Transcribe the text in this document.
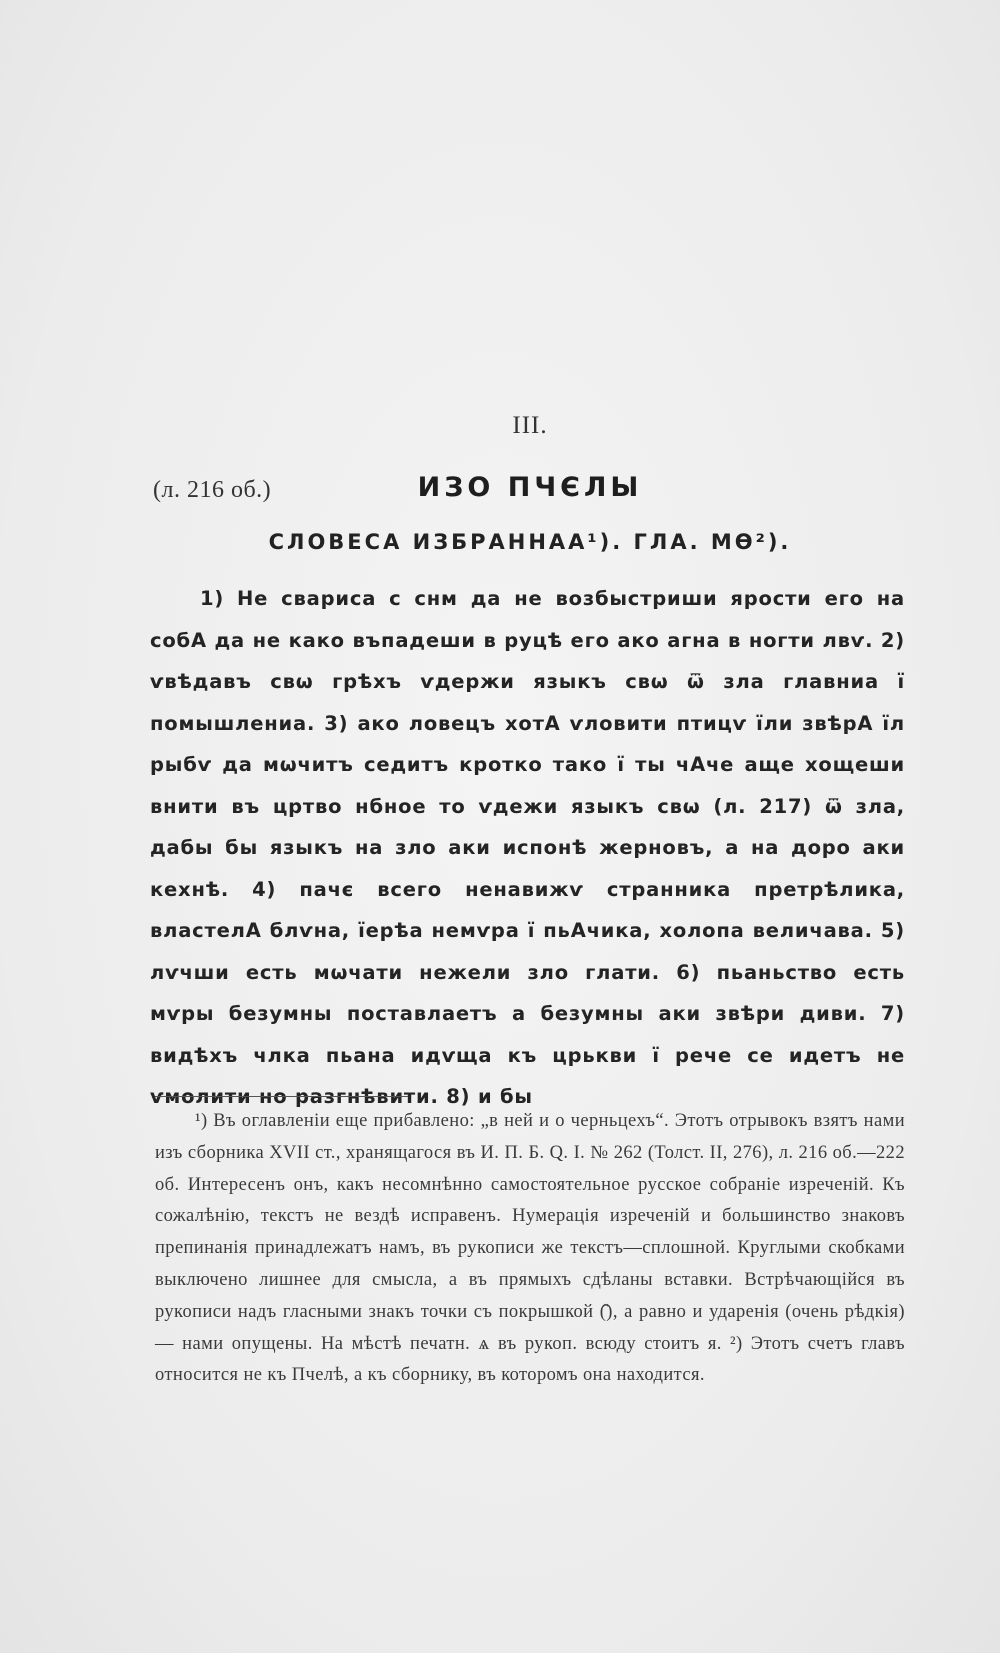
III.
(л. 216 об.)	ИЗО ПЧЄЛЫ
СЛОВЕСА ИЗБРАННАА¹). ГЛА. МѲ²).
1) Не свариса с снм да не возбыстриши ярости его на собА да не како въпадеши в руцѣ его ако агна в ногти лвѵ. 2) ѵвѣдавъ свѡ грѣхъ ѵдержи языкъ свѡ ѿ зла главниа ї помышлениа. 3) ако ловецъ хотА ѵловити птицѵ їли звѣрА їл рыбѵ да мѡчитъ седитъ кротко тако ї ты чАче аще хощеши внити въ цртво нбное то ѵдежи языкъ свѡ (л. 217) ѿ зла, дабы бы языкъ на зло аки испонѣ жерновъ, а на доро аки кехнѣ. 4) пачє всего ненавижѵ странника претрѣлика, властелА блѵна, їерѣа немѵра ї пьАчика, холопа величава. 5) лѵчши есть мѡчати нежели зло глати. 6) пьаньство есть мѵры безумны поставлаетъ а безумны аки звѣри диви. 7) видѣхъ члка пьана идѵща къ црькви ї рече се идетъ не ѵмолити но разгнѣвити. 8) и бы

¹) Въ оглавленіи еще прибавлено: „в ней и о черньцехъ“. Этотъ отрывокъ взятъ нами изъ сборника XVII ст., хранящагося въ И. П. Б. Q. I. № 262 (Толст. II, 276), л. 216 об.—222 об. Интересенъ онъ, какъ несомнѣнно самостоятельное русское собраніе изреченій. Къ сожалѣнію, текстъ не вездѣ исправенъ. Нумерація изреченій и большинство знаковъ препинанія принадлежатъ намъ, въ рукописи же текстъ—сплошной. Круглыми скобками выключено лишнее для смысла, а въ прямыхъ сдѣланы вставки. Встрѣчающійся въ рукописи надъ гласными знакъ точки съ покрышкой (̑), а равно и ударенія (очень рѣдкія)— нами опущены. На мѣстѣ печатн. ѧ въ рукоп. всюду стоитъ я. ²) Этотъ счетъ главъ относится не къ Пчелѣ, а къ сборнику, въ которомъ она находится.
